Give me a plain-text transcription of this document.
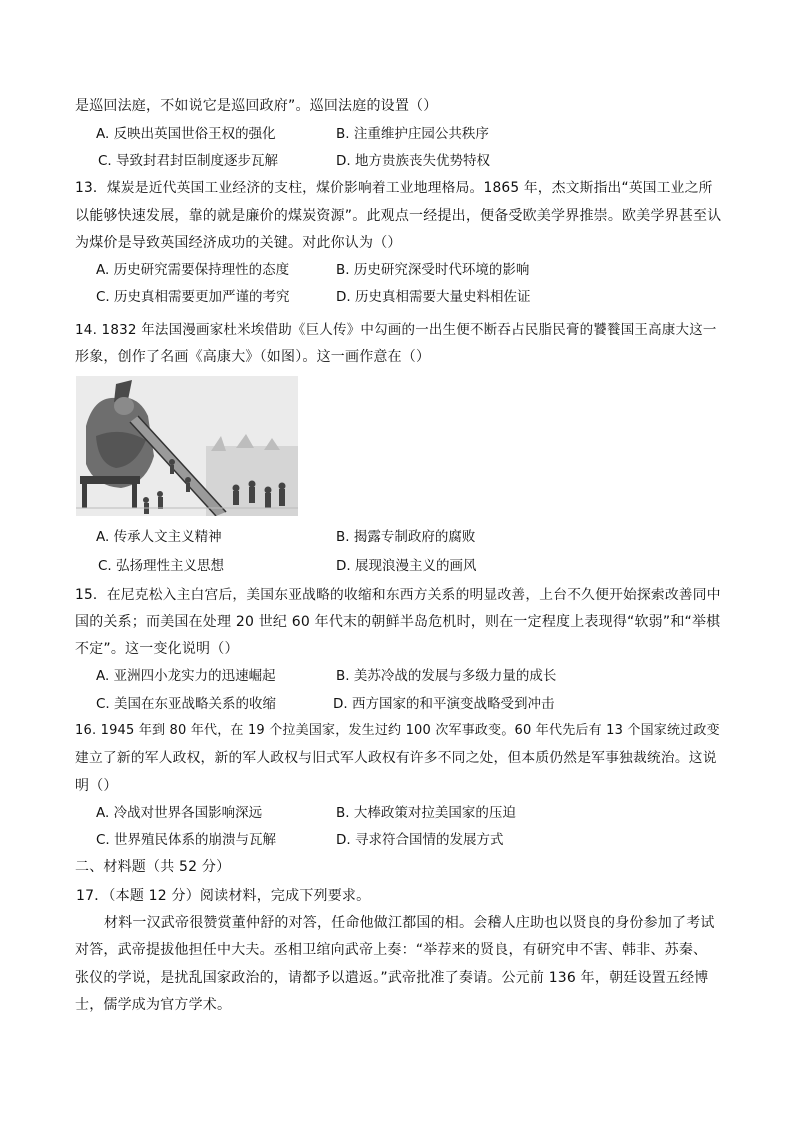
是巡回法庭，不如说它是巡回政府”。巡回法庭的设置（）
A. 反映出英国世俗王权的强化	B. 注重维护庄园公共秩序
C. 导致封君封臣制度逐步瓦解	D. 地方贵族丧失优势特权
13．煤炭是近代英国工业经济的支柱，煤价影响着工业地理格局。1865 年，杰文斯指出“英国工业之所
以能够快速发展，靠的就是廉价的煤炭资源”。此观点一经提出，便备受欧美学界推崇。欧美学界甚至认
为煤价是导致英国经济成功的关键。对此你认为（）
A. 历史研究需要保持理性的态度	B. 历史研究深受时代环境的影响
C. 历史真相需要更加严谨的考究	D. 历史真相需要大量史料相佐证
14. 1832 年法国漫画家杜米埃借助《巨人传》中勾画的一出生便不断吞占民脂民膏的饕餮国王高康大这一
形象，创作了名画《高康大》（如图）。这一画作意在（）
A. 传承人文主义精神	B. 揭露专制政府的腐败
C. 弘扬理性主义思想	D. 展现浪漫主义的画风
15．在尼克松入主白宫后，美国东亚战略的收缩和东西方关系的明显改善，上台不久便开始探索改善同中
国的关系；而美国在处理 20 世纪 60 年代末的朝鲜半岛危机时，则在一定程度上表现得“软弱”和“举棋
不定”。这一变化说明（）
A. 亚洲四小龙实力的迅速崛起	B. 美苏冷战的发展与多级力量的成长
C. 美国在东亚战略关系的收缩	D. 西方国家的和平演变战略受到冲击
16. 1945 年到 80 年代，在 19 个拉美国家，发生过约 100 次军事政变。60 年代先后有 13 个国家统过政变
建立了新的军人政权，新的军人政权与旧式军人政权有许多不同之处，但本质仍然是军事独裁统治。这说
明（）
A. 冷战对世界各国影响深远	B. 大棒政策对拉美国家的压迫
C. 世界殖民体系的崩溃与瓦解	D. 寻求符合国情的发展方式
二、材料题（共 52 分）
17．（本题 12 分）阅读材料，完成下列要求。
材料一汉武帝很赞赏董仲舒的对答，任命他做江都国的相。会稽人庄助也以贤良的身份参加了考试
对答，武帝提拔他担任中大夫。丞相卫绾向武帝上奏：“举荐来的贤良，有研究申不害、韩非、苏秦、
张仪的学说，是扰乱国家政治的，请都予以遣返。”武帝批准了奏请。公元前 136 年，朝廷设置五经博
士，儒学成为官方学术。
